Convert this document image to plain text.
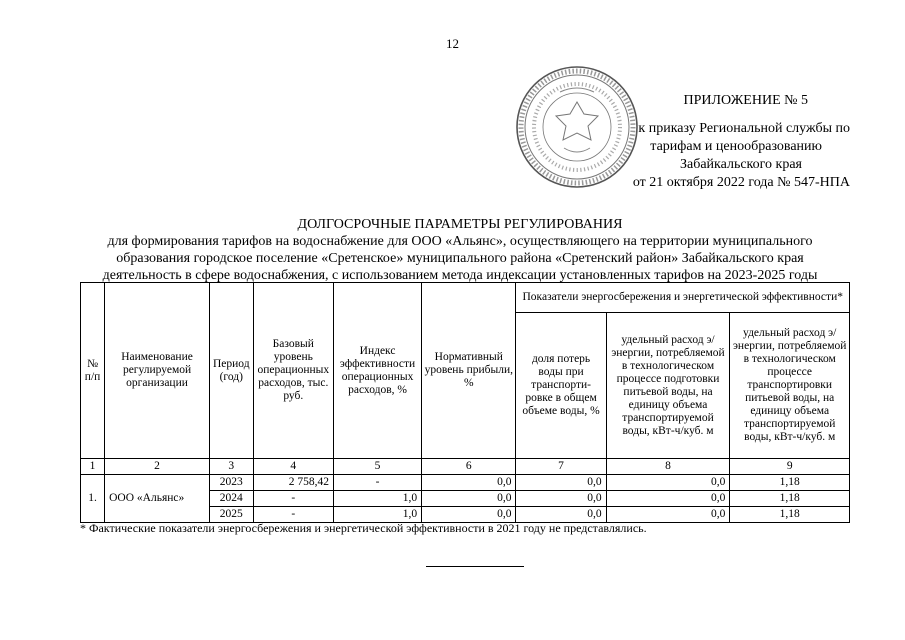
12
ПРИЛОЖЕНИЕ № 5
к приказу Региональной службы по
тарифам и ценообразованию
Забайкальского края
от 21 октября 2022 года № 547-НПА
ДОЛГОСРОЧНЫЕ ПАРАМЕТРЫ РЕГУЛИРОВАНИЯ
для формирования тарифов на водоснабжение для ООО «Альянс», осуществляющего на территории муниципального
образования городское поселение «Сретенское» муниципального района «Сретенский район» Забайкальского края
деятельность в сфере водоснабжения, с использованием метода индексации установленных тарифов на 2023-2025 годы
№ п/п	Наименование регулируемой организации	Период (год)	Базовый уровень операционных расходов, тыс. руб.	Индекс эффективности операционных расходов, %	Нормативный уровень прибыли, %	Показатели энергосбережения и энергетической эффективности*		
						доля потерь воды при транспорти-ровке в общем объеме воды, %	удельный расход э/энергии, потребляемой в технологическом процессе подготовки питьевой воды, на единицу объема транспортируемой воды, кВт-ч/куб. м	удельный расход э/энергии, потребляемой в технологическом процессе транспортировки питьевой воды, на единицу объема транспортируемой воды, кВт-ч/куб. м
1	2	3	4	5	6	7	8	9
1.	ООО «Альянс»	2023	2 758,42	-	0,0	0,0	0,0	1,18
		2024	-	1,0	0,0	0,0	0,0	1,18
		2025	-	1,0	0,0	0,0	0,0	1,18
* Фактические показатели энергосбережения и энергетической эффективности в 2021 году не представлялись.
